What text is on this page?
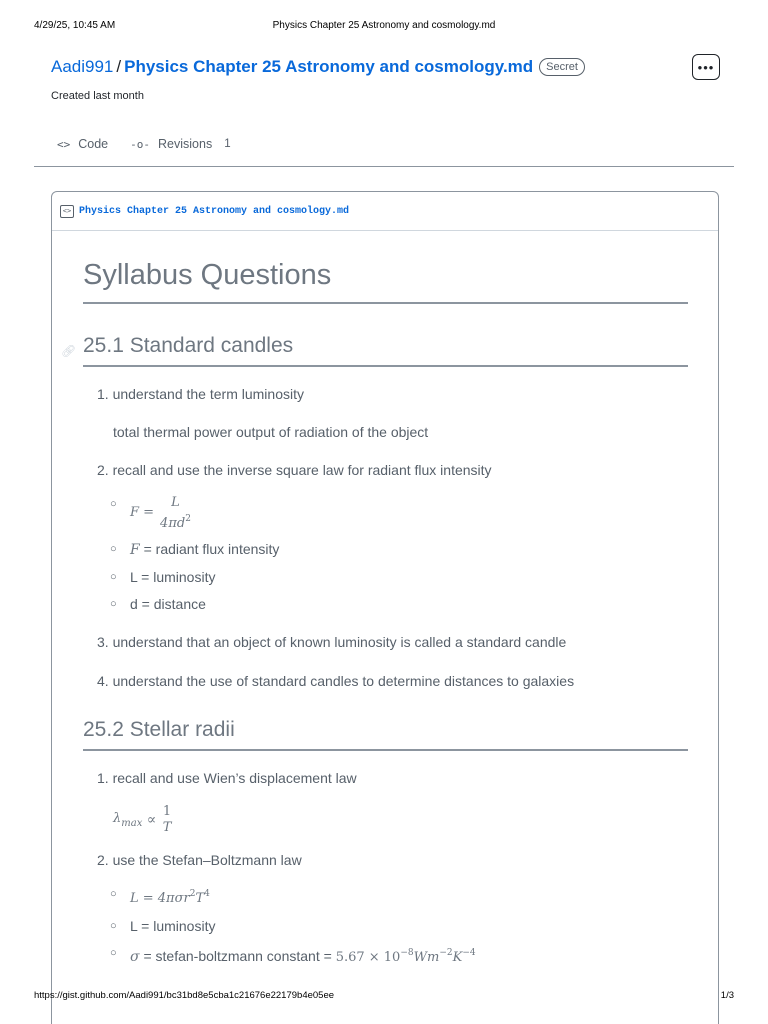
4/29/25, 10:45 AM	Physics Chapter 25 Astronomy and cosmology.md
Aadi991 / Physics Chapter 25 Astronomy and cosmology.md Secret
Created last month
•••
<> Code -o- Revisions 1
<> Physics Chapter 25 Astronomy and cosmology.md
Syllabus Questions
🔗︎ 25.1 Standard candles
1. understand the term luminosity
total thermal power output of radiation of the object
2. recall and use the inverse square law for radiant flux intensity
○ F =
L
$4\pi d^2$
○ F = radiant flux intensity
○ L = luminosity
○ d = distance
3. understand that an object of known luminosity is called a standard candle
4. understand the use of standard candles to determine distances to galaxies
25.2 Stellar radii
1. recall and use Wien’s displacement law
$\lambda_{max}$ ∝
1
T
2. use the Stefan–Boltzmann law
○ $L = 4\pi\sigma r^2T^4$
○ L = luminosity
○ σ = stefan-boltzmann constant = $5.67 \times 10^{-8}Wm^{-2}K^{-4}$
https://gist.github.com/Aadi991/bc31bd8e5cba1c21676e22179b4e05ee	1/3
